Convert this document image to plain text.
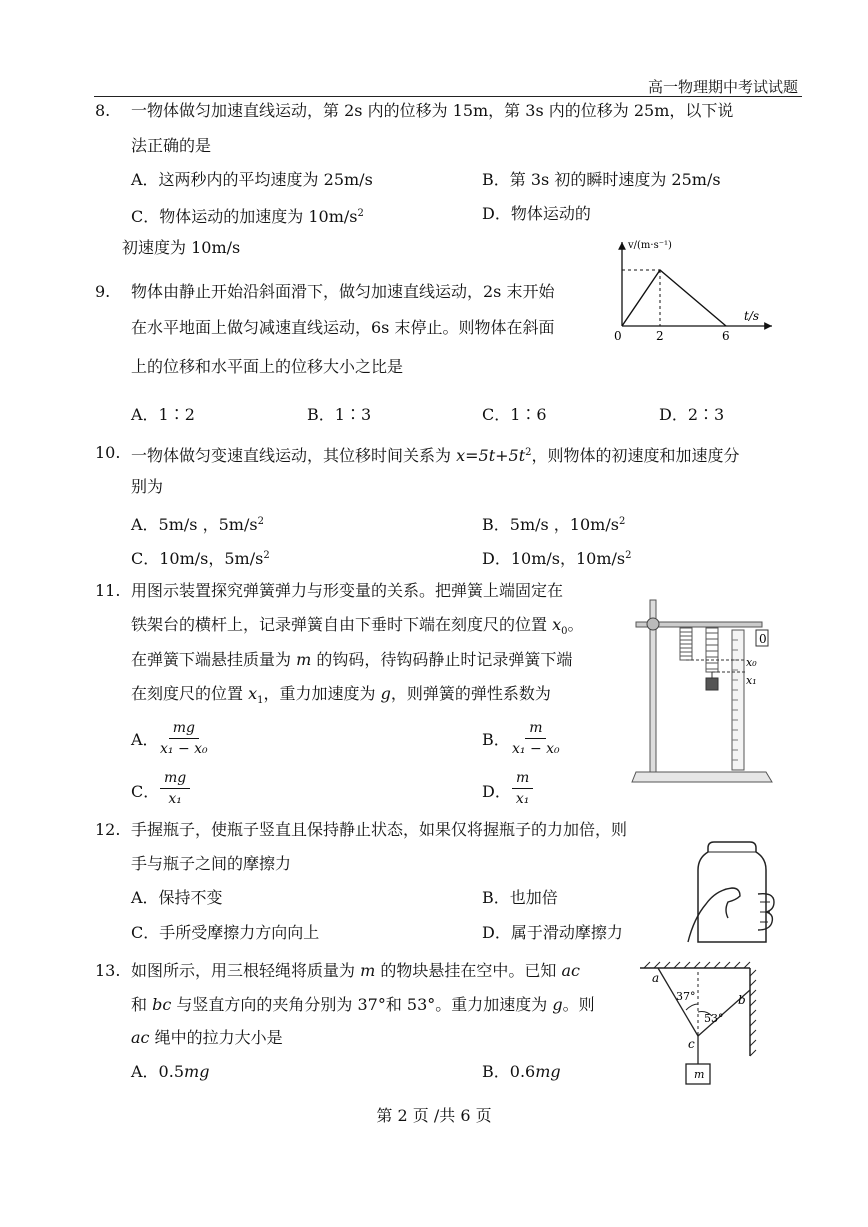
高一物理期中考试试题
8. 一物体做匀加速直线运动，第 2s 内的位移为 15m，第 3s 内的位移为 25m，以下说
法正确的是
A．这两秒内的平均速度为 25m/s	B．第 3s 初的瞬时速度为 25m/s
C．物体运动的加速度为 $10m/s^2$	D．物体运动的
初速度为 10m/s
9. 物体由静止开始沿斜面滑下，做匀加速直线运动，2s 末开始
在水平地面上做匀减速直线运动，6s 末停止。则物体在斜面
上的位移和水平面上的位移大小之比是
A．1∶2	B．1∶3	C．1∶6	D．2∶3
v/(m·s⁻¹)
t/s
0	2	6
10. 一物体做匀变速直线运动，其位移时间关系为 $x=5t+5t^2$，则物体的初速度和加速度分
别为
A．5m/s ，$5m/s^2$	B．5m/s ，$10m/s^2$
C．10m/s，$5m/s^2$	D．10m/s，$10m/s^2$
11. 用图示装置探究弹簧弹力与形变量的关系。把弹簧上端固定在
铁架台的横杆上，记录弹簧自由下垂时下端在刻度尺的位置 $x_0$。
在弹簧下端悬挂质量为 m 的钩码，待钩码静止时记录弹簧下端
在刻度尺的位置 $x_1$，重力加速度为 g，则弹簧的弹性系数为
A． $\frac{mg}{\text{x₁ − x₀}}$	B． $\frac{m}{\text{x₁ − x₀}}$
C． $\frac{mg}{\text{x₁}}$	D． $\frac{m}{\text{x₁}}$
0
x₀
x₁
12. 手握瓶子，使瓶子竖直且保持静止状态，如果仅将握瓶子的力加倍，则
手与瓶子之间的摩擦力
A．保持不变	B．也加倍
C．手所受摩擦力方向向上	D．属于滑动摩擦力
13. 如图所示，用三根轻绳将质量为 m 的物块悬挂在空中。已知 ac
和 bc 与竖直方向的夹角分别为 37°和 53°。重力加速度为 g。则
ac 绳中的拉力大小是
A．0.5mg	B．0.6mg
a
b
c
37°
53°
m
第 2 页 /共 6 页
